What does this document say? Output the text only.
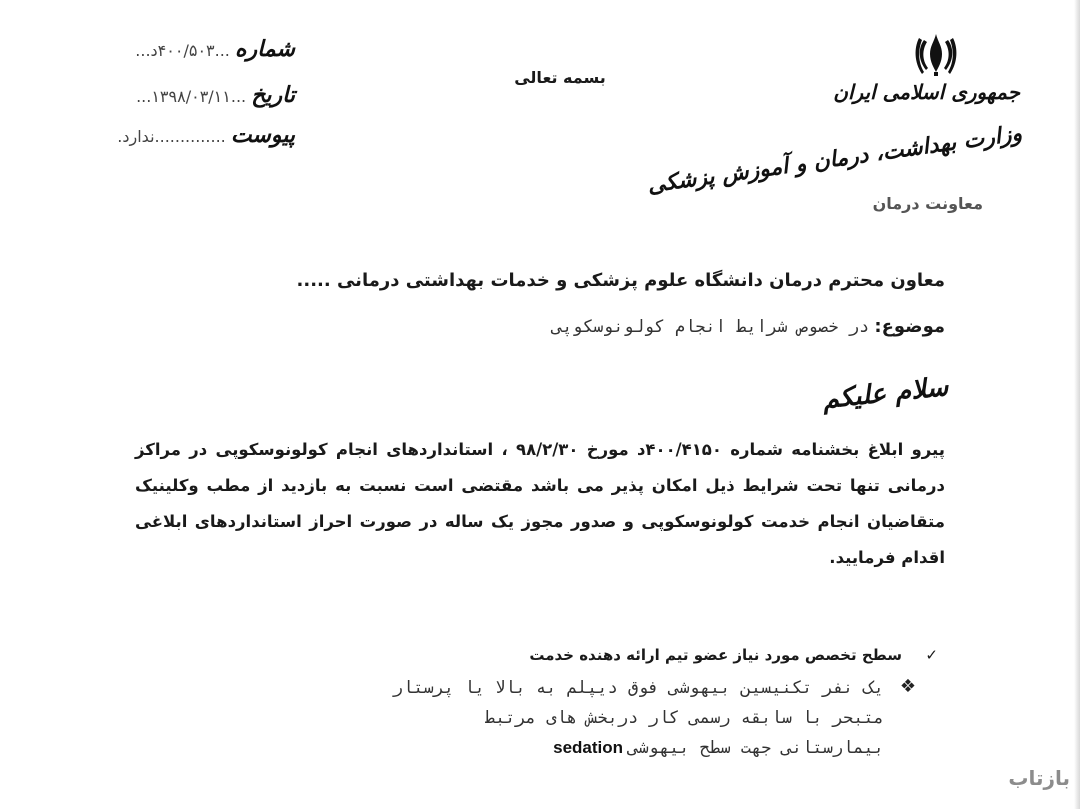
شماره ...۴۰۰/۵۰۳د...
تاریخ ...۱۳۹۸/۰۳/۱۱...
پیوست ..............ندارد.
بسمه تعالی
جمهوری اسلامی ایران
وزارت بهداشت، درمان و آموزش پزشکی
معاونت درمان
معاون محترم درمان دانشگاه علوم پزشکی و خدمات بهداشتی درمانی .....
موضوع: در خصوص شرایط انجام کولونوسکوپی
سلام علیکم
پیرو ابلاغ بخشنامه شماره ۴۰۰/۴۱۵۰د مورخ ۹۸/۲/۳۰ ، استانداردهای انجام کولونوسکوپی در مراکز درمانی تنها تحت شرایط ذیل امکان پذیر می باشد مقتضی است نسبت به بازدید از مطب وکلینیک متقاضیان انجام خدمت کولونوسکوپی و صدور مجوز یک ساله در صورت احراز استانداردهای ابلاغی اقدام فرمایید.
✓
سطح تخصص مورد نیاز عضو تیم ارائه دهنده خدمت
❖
یک نفر تکنیسین بیهوشی فوق دیپلم به بالا یا پرستار
متبحر با سابقه رسمی کار دربخش های مرتبط
بیمارستانی جهت سطح بیهوشی sedation
بازتاب
